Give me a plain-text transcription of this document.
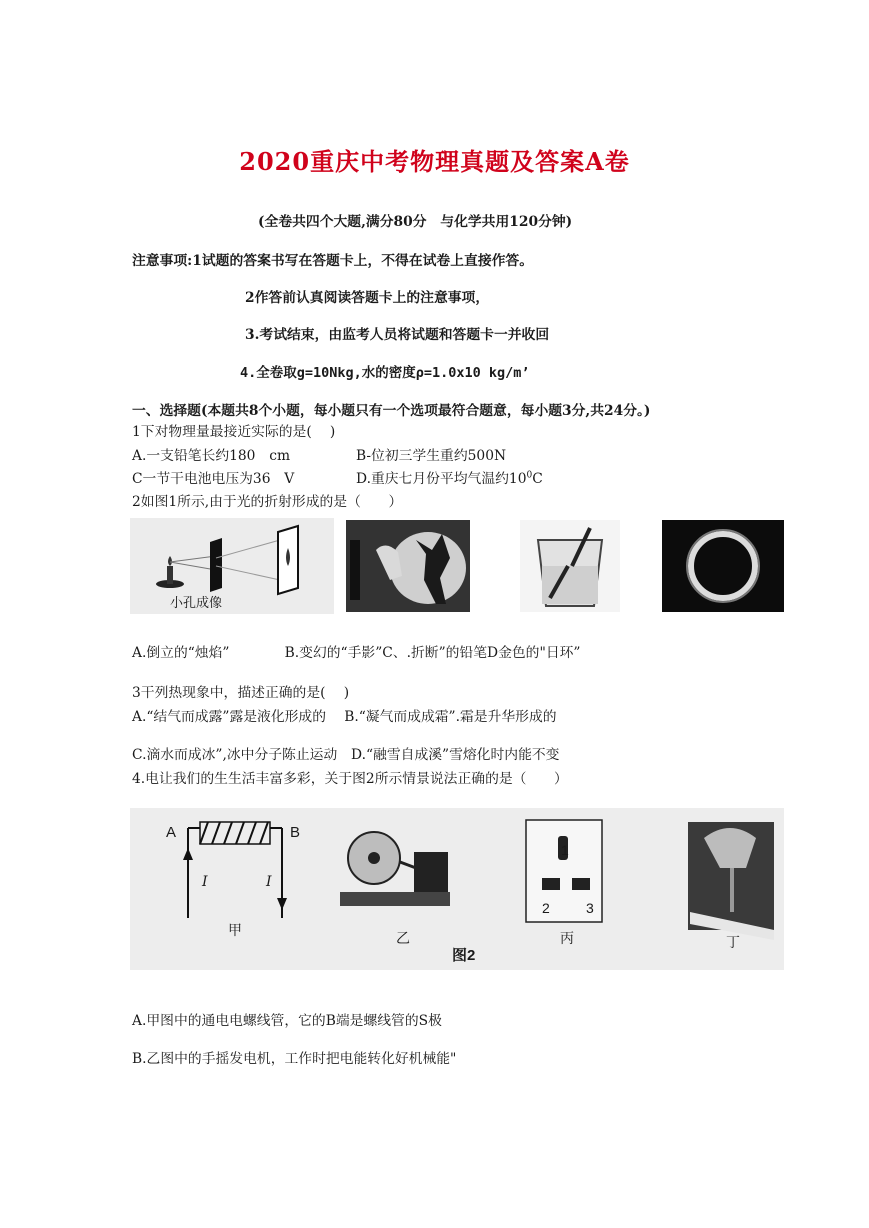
2020重庆中考物理真题及答案A卷
(全卷共四个大题,满分80分　与化学共用120分钟)
注意事项:1试题的答案书写在答题卡上，不得在试卷上直接作答。
2作答前认真阅读答题卡上的注意事项，
3.考试结束，由监考人员将试题和答题卡一并收回
4.全卷取g=10Nkg,水的密度ρ=1.0x10 kg/m’
一、选择题(本题共8个小题，每小题只有一个选项最符合题意，每小题3分,共24分。)
1下对物理量最接近实际的是(　 )
A.一支铅笔长约180　cm	B-位初三学生重约500N
C一节干电池电压为36　V	D.重庆七月份平均气温约$10^0C$
2如图1所示,由于光的折射形成的是（　　）
小孔成像
A.倒立的“烛焰”　　　　B.变幻的“手影”C、.折断”的铅笔D金色的"日环”
3干列热现象中，描述正确的是(　 )
A.“结气而成露”露是液化形成的　 B.“凝气而成成霜”.霜是升华形成的
C.滴水而成冰”,冰中分子陈止运动　D.“融雪自成溪”雪熔化时内能不变
4.电让我们的生生活丰富多彩，关于图2所示情景说法正确的是（　　）
A	B
I	I
1
2	3
甲	乙	丙	丁
图2
A.甲图中的通电电螺线管，它的B端是螺线管的S极
B.乙图中的手摇发电机，工作时把电能转化好机械能"
